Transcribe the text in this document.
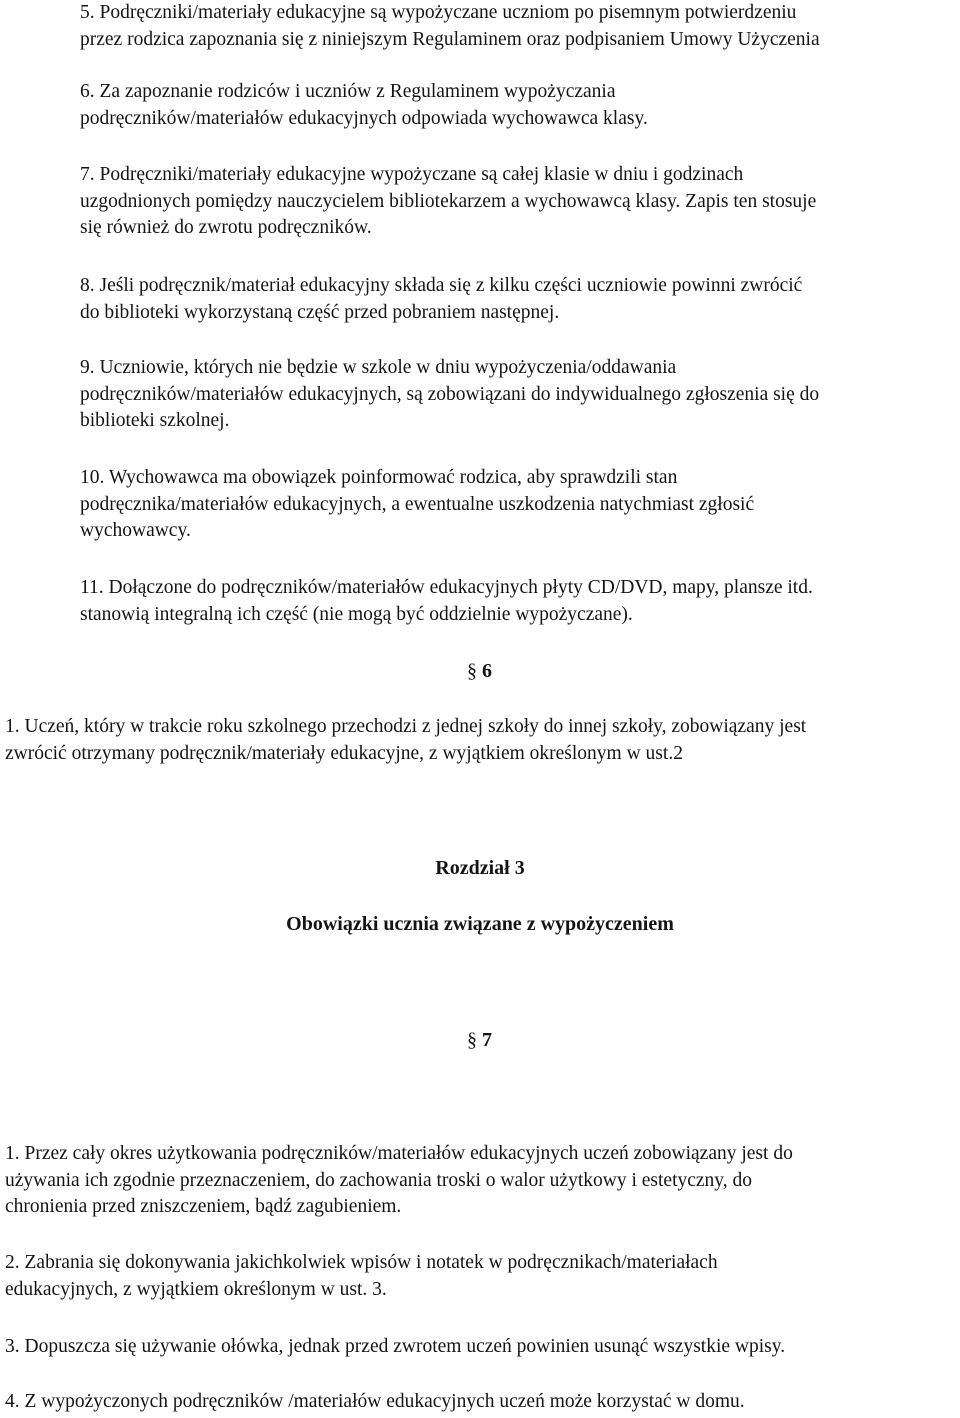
5. Podręczniki/materiały edukacyjne są wypożyczane uczniom po pisemnym potwierdzeniu
przez rodzica zapoznania się z niniejszym Regulaminem oraz podpisaniem Umowy Użyczenia
6. Za zapoznanie rodziców i uczniów z Regulaminem wypożyczania
podręczników/materiałów edukacyjnych odpowiada wychowawca klasy.
7. Podręczniki/materiały edukacyjne wypożyczane są całej klasie w dniu i godzinach
uzgodnionych pomiędzy nauczycielem bibliotekarzem a wychowawcą klasy. Zapis ten stosuje
się również do zwrotu podręczników.
8. Jeśli podręcznik/materiał edukacyjny składa się z kilku części uczniowie powinni zwrócić
do biblioteki wykorzystaną część przed pobraniem następnej.
9. Uczniowie, których nie będzie w szkole w dniu wypożyczenia/oddawania
podręczników/materiałów edukacyjnych, są zobowiązani do indywidualnego zgłoszenia się do
biblioteki szkolnej.
10. Wychowawca ma obowiązek poinformować rodzica, aby sprawdzili stan
podręcznika/materiałów edukacyjnych, a ewentualne uszkodzenia natychmiast zgłosić
wychowawcy.
11. Dołączone do podręczników/materiałów edukacyjnych płyty CD/DVD, mapy, plansze itd.
stanowią integralną ich część (nie mogą być oddzielnie wypożyczane).
§ 6
1. Uczeń, który w trakcie roku szkolnego przechodzi z jednej szkoły do innej szkoły, zobowiązany jest
zwrócić otrzymany podręcznik/materiały edukacyjne, z wyjątkiem określonym w ust.2
Rozdział 3
Obowiązki ucznia związane z wypożyczeniem
§ 7
1. Przez cały okres użytkowania podręczników/materiałów edukacyjnych uczeń zobowiązany jest do
używania ich zgodnie przeznaczeniem, do zachowania troski o walor użytkowy i estetyczny, do
chronienia przed zniszczeniem, bądź zagubieniem.
2. Zabrania się dokonywania jakichkolwiek wpisów i notatek w podręcznikach/materiałach
edukacyjnych, z wyjątkiem określonym w ust. 3.
3. Dopuszcza się używanie ołówka, jednak przed zwrotem uczeń powinien usunąć wszystkie wpisy.
4. Z wypożyczonych podręczników /materiałów edukacyjnych uczeń może korzystać w domu.
